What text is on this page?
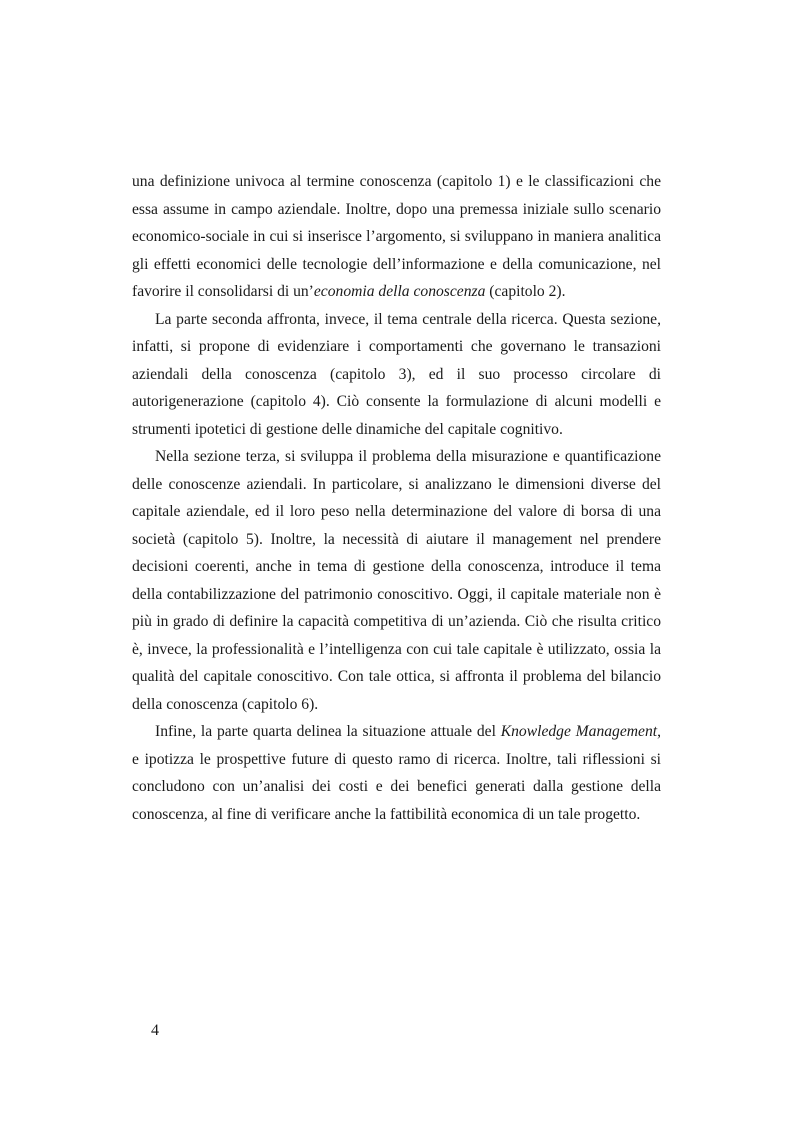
una definizione univoca al termine conoscenza (capitolo 1) e le classificazioni che essa assume in campo aziendale. Inoltre, dopo una premessa iniziale sullo scenario economico-sociale in cui si inserisce l’argomento, si sviluppano in maniera analitica gli effetti economici delle tecnologie dell’informazione e della comunicazione, nel favorire il consolidarsi di un’economia della conoscenza (capitolo 2).

La parte seconda affronta, invece, il tema centrale della ricerca. Questa sezione, infatti, si propone di evidenziare i comportamenti che governano le transazioni aziendali della conoscenza (capitolo 3), ed il suo processo circolare di autorigenerazione (capitolo 4). Ciò consente la formulazione di alcuni modelli e strumenti ipotetici di gestione delle dinamiche del capitale cognitivo.

Nella sezione terza, si sviluppa il problema della misurazione e quantificazione delle conoscenze aziendali. In particolare, si analizzano le dimensioni diverse del capitale aziendale, ed il loro peso nella determinazione del valore di borsa di una società (capitolo 5). Inoltre, la necessità di aiutare il management nel prendere decisioni coerenti, anche in tema di gestione della conoscenza, introduce il tema della contabilizzazione del patrimonio conoscitivo. Oggi, il capitale materiale non è più in grado di definire la capacità competitiva di un’azienda. Ciò che risulta critico è, invece, la professionalità e l’intelligenza con cui tale capitale è utilizzato, ossia la qualità del capitale conoscitivo. Con tale ottica, si affronta il problema del bilancio della conoscenza (capitolo 6).

Infine, la parte quarta delinea la situazione attuale del Knowledge Management, e ipotizza le prospettive future di questo ramo di ricerca. Inoltre, tali riflessioni si concludono con un’analisi dei costi e dei benefici generati dalla gestione della conoscenza, al fine di verificare anche la fattibilità economica di un tale progetto.

4
